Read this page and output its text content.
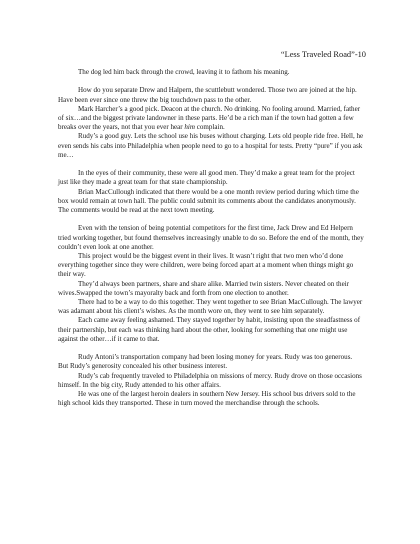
“Less Traveled Road”-10

The dog led him back through the crowd, leaving it to fathom his meaning.

How do you separate Drew and Halpern, the scuttlebutt wondered. Those two are joined at the hip. Have been ever since one threw the big touchdown pass to the other.

Mark Harcher’s a good pick. Deacon at the church. No drinking. No fooling around. Married, father of six…and the biggest private landowner in these parts. He’d be a rich man if the town had gotten a few breaks over the years, not that you ever hear him complain.

Rudy’s a good guy. Lets the school use his buses without charging. Lets old people ride free. Hell, he even sends his cabs into Philadelphia when people need to go to a hospital for tests. Pretty “pure” if you ask me…

In the eyes of their community, these were all good men. They’d make a great team for the project just like they made a great team for that state championship.

Brian MacCullough indicated that there would be a one month review period during which time the box would remain at town hall. The public could submit its comments about the candidates anonymously. The comments would be read at the next town meeting.

Even with the tension of being potential competitors for the first time, Jack Drew and Ed Helpern tried working together, but found themselves increasingly unable to do so. Before the end of the month, they couldn’t even look at one another.

This project would be the biggest event in their lives. It wasn’t right that two men who’d done everything together since they were children, were being forced apart at a moment when things might go their way.

They’d always been partners, share and share alike. Married twin sisters. Never cheated on their wives.Swapped the town’s mayoralty back and forth from one election to another.

There had to be a way to do this together. They went together to see Brian MacCullough. The lawyer was adamant about his client’s wishes. As the month wore on, they went to see him separately.

Each came away feeling ashamed. They stayed together by habit, insisting upon the steadfastness of their partnership, but each was thinking hard about the other, looking for something that one might use against the other…if it came to that.

Rudy Antoni’s transportation company had been losing money for years. Rudy was too generous. But Rudy’s generosity concealed his other business interest.

Rudy’s cab frequently traveled to Philadelphia on missions of mercy. Rudy drove on those occasions himself. In the big city, Rudy attended to his other affairs.

He was one of the largest heroin dealers in southern New Jersey. His school bus drivers sold to the high school kids they transported. These in turn moved the merchandise through the schools.
